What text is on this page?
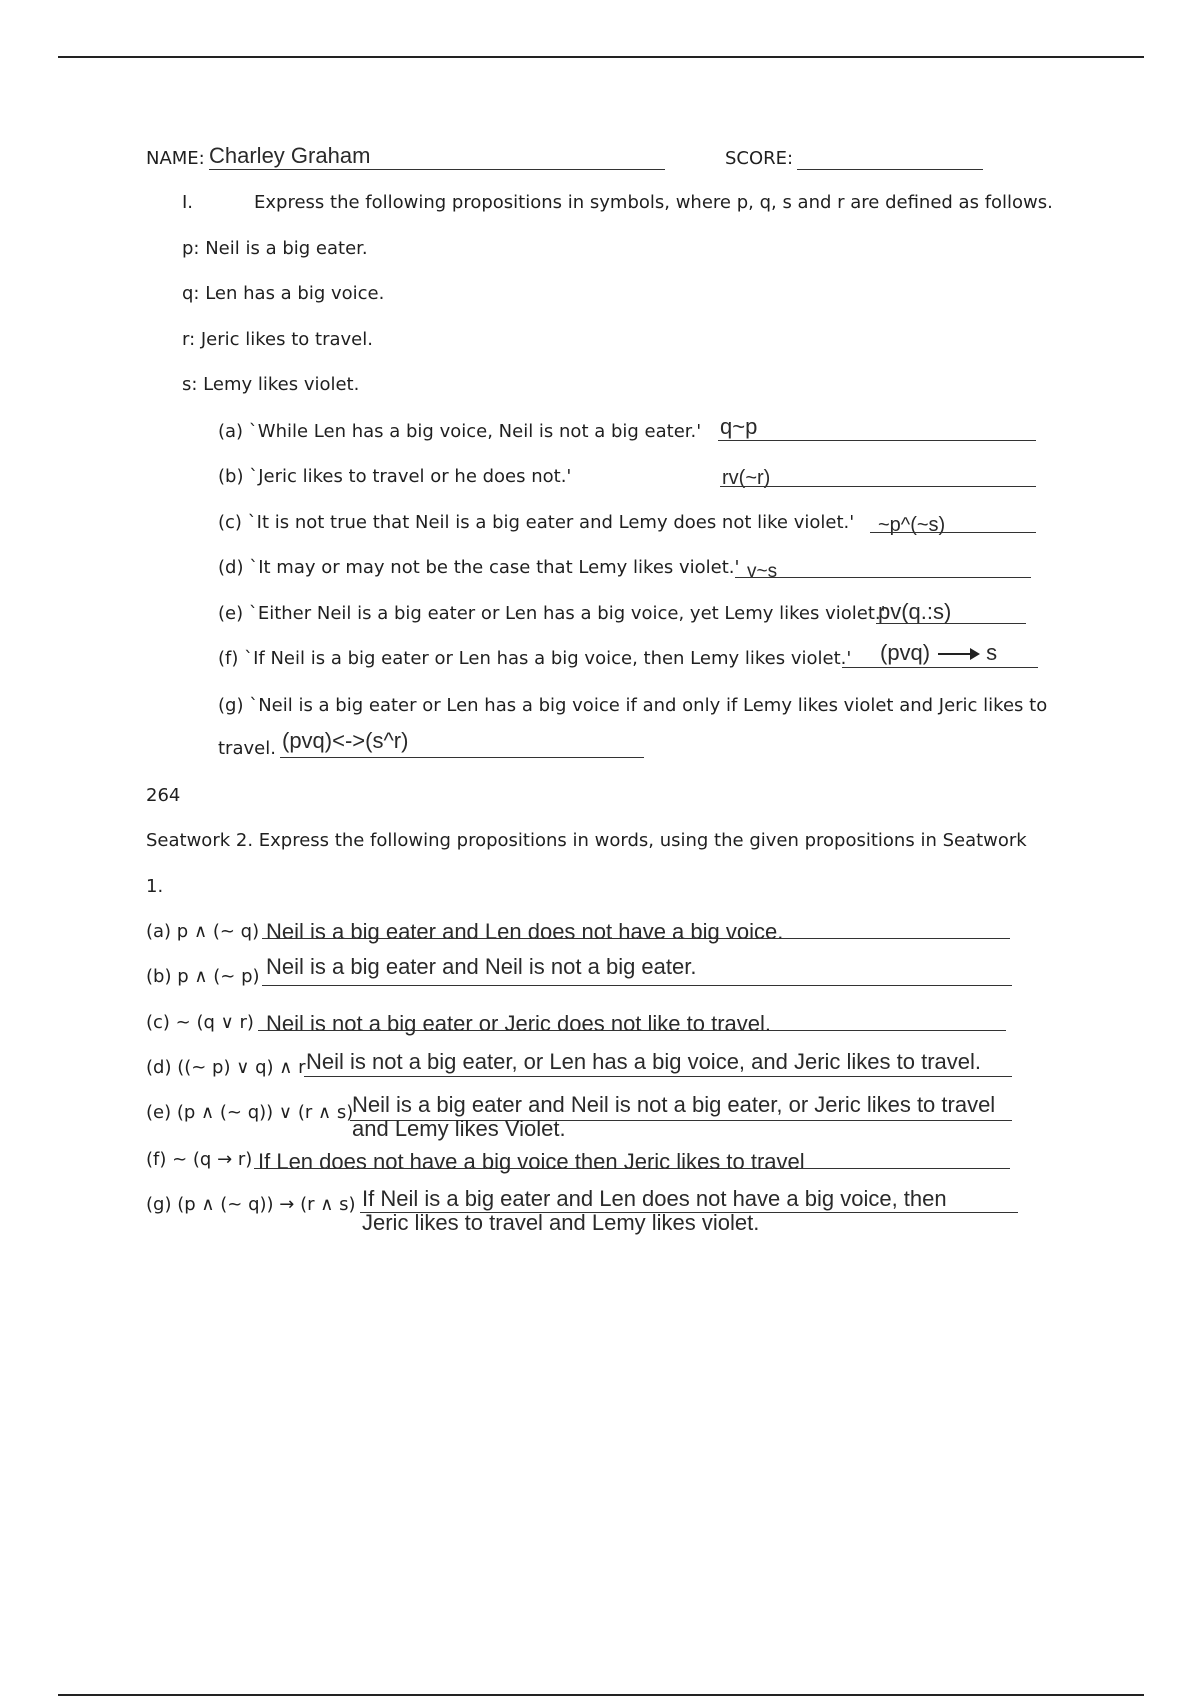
NAME: Charley Graham	SCORE:
I.	Express the following propositions in symbols, where p, q, s and r are defined as follows.
p: Neil is a big eater.
q: Len has a big voice.
r: Jeric likes to travel.
s: Lemy likes violet.
(a) `While Len has a big voice, Neil is not a big eater.' q~p
(b) `Jeric likes to travel or he does not.'	rv(~r)
(c) `It is not true that Neil is a big eater and Lemy does not like violet.' ~p^(~s)
(d) `It may or may not be the case that Lemy likes violet.' v~s
(e) `Either Neil is a big eater or Len has a big voice, yet Lemy likes violet.'
pv(q.:s)
(f) `If Neil is a big eater or Len has a big voice, then Lemy likes violet.' (pvq)	s
(g) `Neil is a big eater or Len has a big voice if and only if Lemy likes violet and Jeric likes to
travel. (pvq)<->(s^r)
264
Seatwork 2. Express the following propositions in words, using the given propositions in Seatwork
1.
(a) p ∧ (~ q) Neil is a big eater and Len does not have a big voice.
(b) p ∧ (~ p) Neil is a big eater and Neil is not a big eater.
(c) ~ (q ∨ r) Neil is not a big eater or Jeric does not like to travel.
(d) ((~ p) ∨ q) ∧ r Neil is not a big eater, or Len has a big voice, and Jeric likes to travel.
(e) (p ∧ (~ q)) ∨ (r ∧ s)
Neil is a big eater and Neil is not a big eater, or Jeric likes to travel
and Lemy likes Violet.
(f) ~ (q → r) If Len does not have a big voice then Jeric likes to travel
(g) (p ∧ (~ q)) → (r ∧ s) If Neil is a big eater and Len does not have a big voice, then
Jeric likes to travel and Lemy likes violet.
